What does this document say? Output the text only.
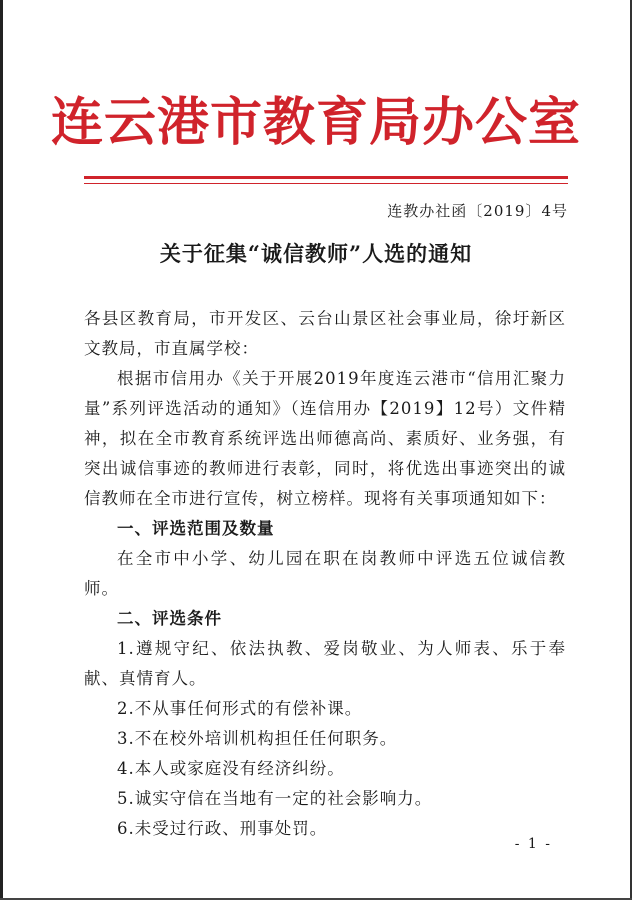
连云港市教育局办公室
连教办社函〔2019〕4号
关于征集“诚信教师”人选的通知

各县区教育局，市开发区、云台山景区社会事业局，徐圩新区文教局，市直属学校：

根据市信用办《关于开展2019年度连云港市“信用汇聚力量”系列评选活动的通知》（连信用办【2019】12号）文件精神，拟在全市教育系统评选出师德高尚、素质好、业务强，有突出诚信事迹的教师进行表彰，同时，将优选出事迹突出的诚信教师在全市进行宣传，树立榜样。现将有关事项通知如下：

一、评选范围及数量

在全市中小学、幼儿园在职在岗教师中评选五位诚信教师。

二、评选条件

1.遵规守纪、依法执教、爱岗敬业、为人师表、乐于奉献、真情育人。

2.不从事任何形式的有偿补课。

3.不在校外培训机构担任任何职务。

4.本人或家庭没有经济纠纷。

5.诚实守信在当地有一定的社会影响力。

6.未受过行政、刑事处罚。

- 1 -
